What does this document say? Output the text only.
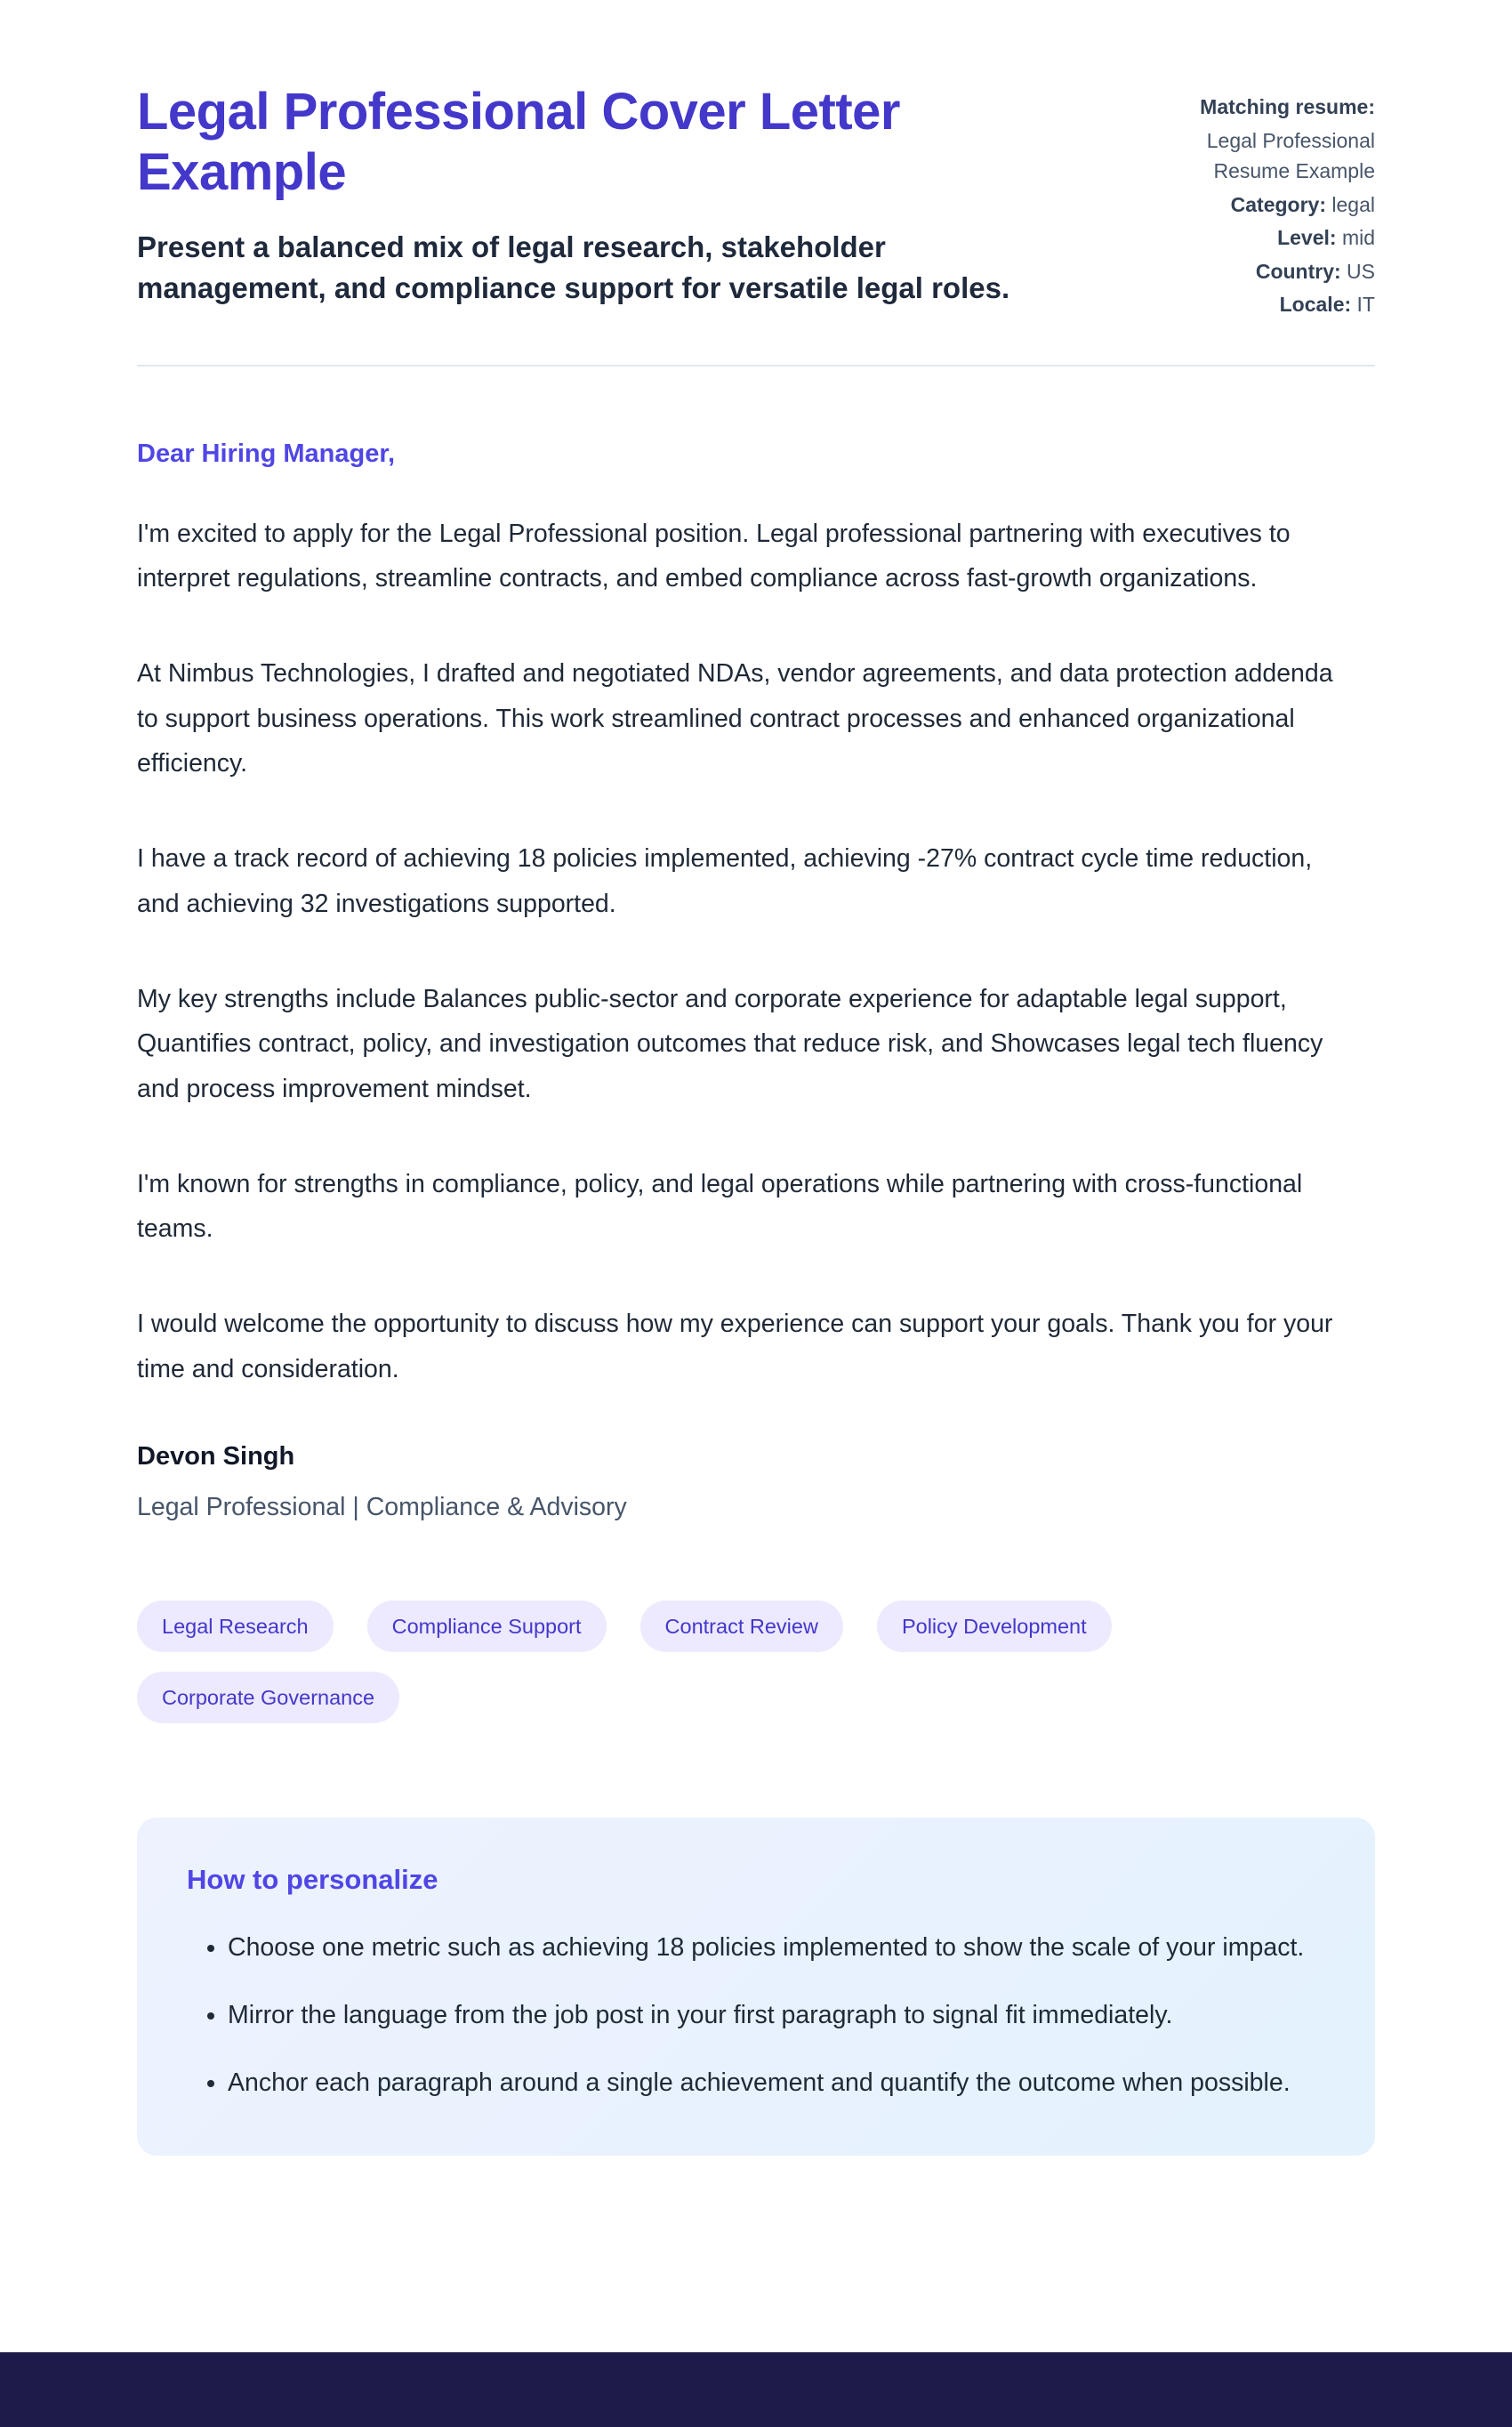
Legal Professional Cover Letter Example
Present a balanced mix of legal research, stakeholder management, and compliance support for versatile legal roles.
Matching resume:
Legal Professional Resume Example
Category: legal
Level: mid
Country: US
Locale: IT
Dear Hiring Manager,

I'm excited to apply for the Legal Professional position. Legal professional partnering with executives to interpret regulations, streamline contracts, and embed compliance across fast-growth organizations.

At Nimbus Technologies, I drafted and negotiated NDAs, vendor agreements, and data protection addenda to support business operations. This work streamlined contract processes and enhanced organizational efficiency.

I have a track record of achieving 18 policies implemented, achieving -27% contract cycle time reduction, and achieving 32 investigations supported.

My key strengths include Balances public-sector and corporate experience for adaptable legal support, Quantifies contract, policy, and investigation outcomes that reduce risk, and Showcases legal tech fluency and process improvement mindset.

I'm known for strengths in compliance, policy, and legal operations while partnering with cross-functional teams.

I would welcome the opportunity to discuss how my experience can support your goals. Thank you for your time and consideration.

Devon Singh
Legal Professional | Compliance & Advisory
Legal Research	Compliance Support	Contract Review	Policy Development
Corporate Governance
How to personalize
• Choose one metric such as achieving 18 policies implemented to show the scale of your impact.
• Mirror the language from the job post in your first paragraph to signal fit immediately.
• Anchor each paragraph around a single achievement and quantify the outcome when possible.
